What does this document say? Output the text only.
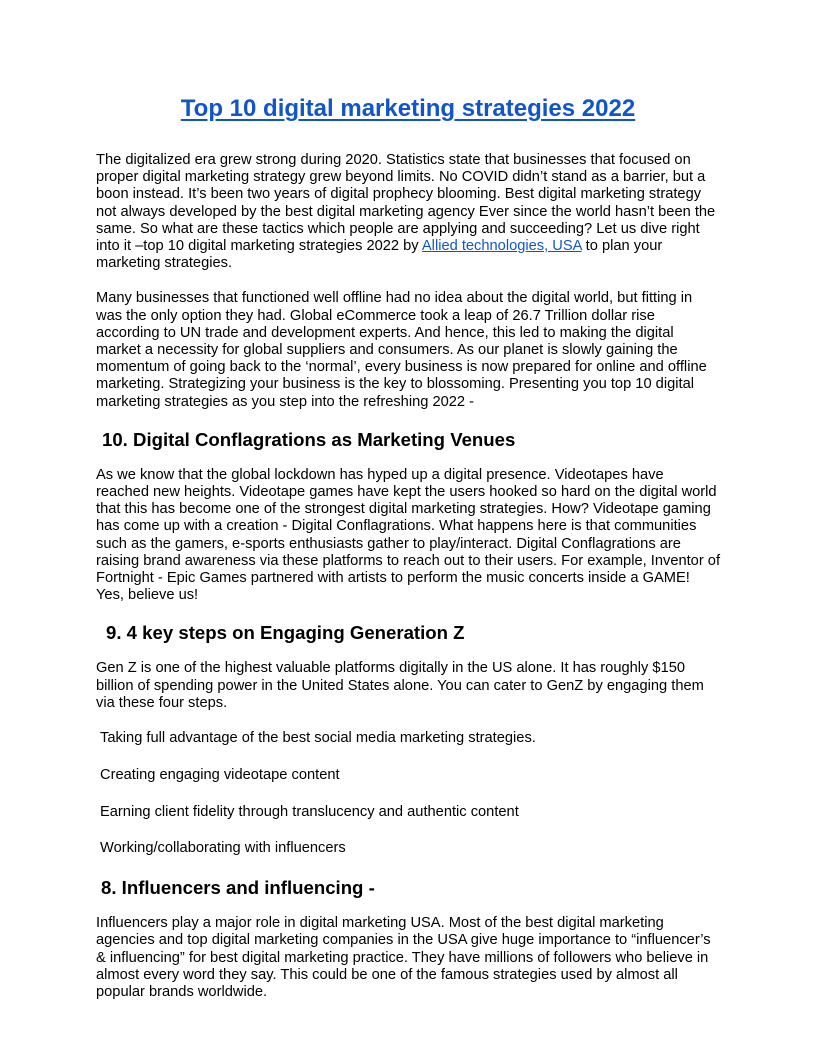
Top 10 digital marketing strategies 2022

The digitalized era grew strong during 2020. Statistics state that businesses that focused on proper digital marketing strategy grew beyond limits. No COVID didn’t stand as a barrier, but a boon instead. It’s been two years of digital prophecy blooming. Best digital marketing strategy not always developed by the best digital marketing agency Ever since the world hasn’t been the same. So what are these tactics which people are applying and succeeding? Let us dive right into it –top 10 digital marketing strategies 2022 by Allied technologies, USA to plan your marketing strategies.

Many businesses that functioned well offline had no idea about the digital world, but fitting in was the only option they had. Global eCommerce took a leap of 26.7 Trillion dollar rise according to UN trade and development experts. And hence, this led to making the digital market a necessity for global suppliers and consumers. As our planet is slowly gaining the momentum of going back to the ‘normal’, every business is now prepared for online and offline marketing. Strategizing your business is the key to blossoming. Presenting you top 10 digital marketing strategies as you step into the refreshing 2022 -

10. Digital Conflagrations as Marketing Venues

As we know that the global lockdown has hyped up a digital presence. Videotapes have reached new heights. Videotape games have kept the users hooked so hard on the digital world that this has become one of the strongest digital marketing strategies. How? Videotape gaming has come up with a creation - Digital Conflagrations. What happens here is that communities such as the gamers, e-sports enthusiasts gather to play/interact. Digital Conflagrations are raising brand awareness via these platforms to reach out to their users. For example, Inventor of Fortnight - Epic Games partnered with artists to perform the music concerts inside a GAME! Yes, believe us!

9. 4 key steps on Engaging Generation Z

Gen Z is one of the highest valuable platforms digitally in the US alone. It has roughly $150 billion of spending power in the United States alone. You can cater to GenZ by engaging them via these four steps.

Taking full advantage of the best social media marketing strategies.
Creating engaging videotape content
Earning client fidelity through translucency and authentic content
Working/collaborating with influencers
8. Influencers and influencing -

Influencers play a major role in digital marketing USA. Most of the best digital marketing agencies and top digital marketing companies in the USA give huge importance to “influencer’s & influencing” for best digital marketing practice. They have millions of followers who believe in almost every word they say. This could be one of the famous strategies used by almost all popular brands worldwide.
